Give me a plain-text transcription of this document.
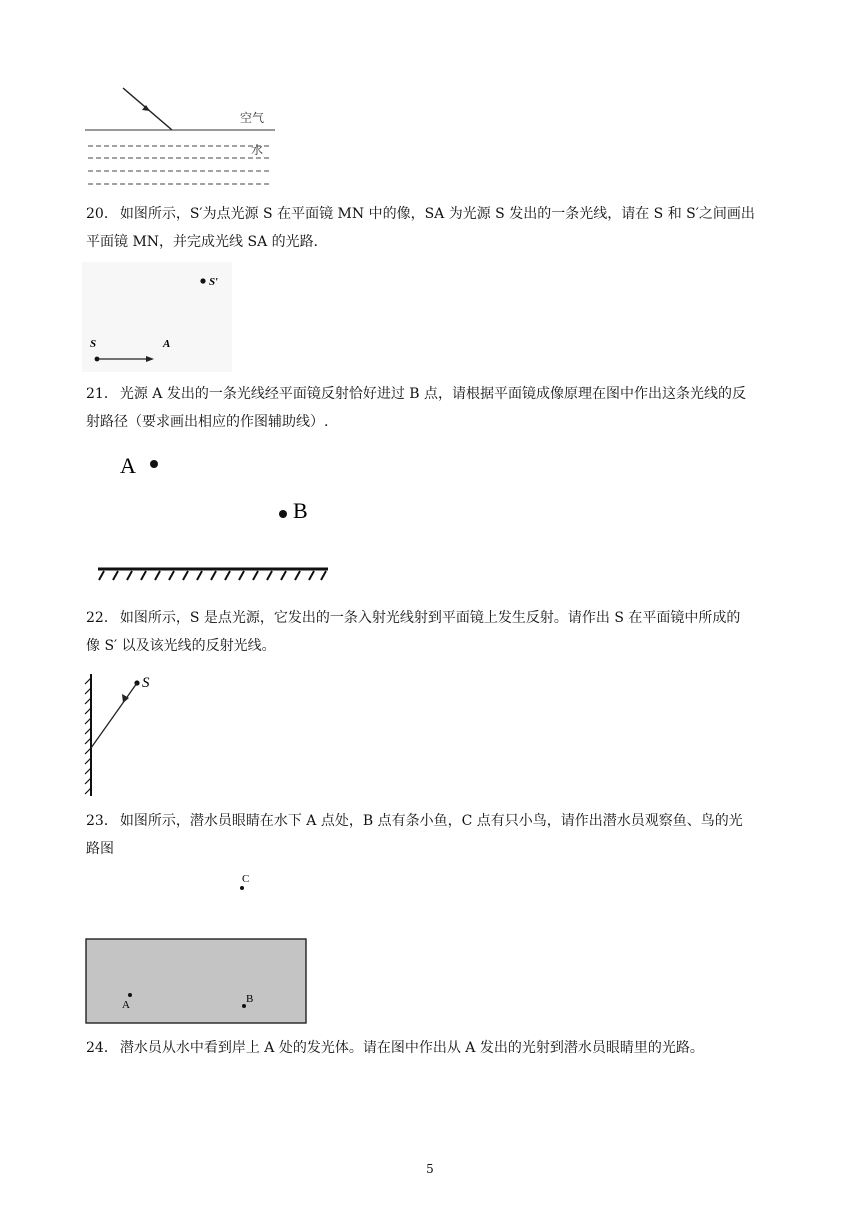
空气
水
20． 如图所示，S′为点光源 S 在平面镜 MN 中的像，SA 为光源 S 发出的一条光线，请在 S 和 S′之间画出
平面镜 MN，并完成光线 SA 的光路．
S′
S	A
21． 光源 A 发出的一条光线经平面镜反射恰好进过 B 点，请根据平面镜成像原理在图中作出这条光线的反
射路径（要求画出相应的作图辅助线）.
A
B
22． 如图所示，S 是点光源，它发出的一条入射光线射到平面镜上发生反射。请作出 S 在平面镜中所成的
像 S′ 以及该光线的反射光线。
S
23． 如图所示，潜水员眼睛在水下 A 点处，B 点有条小鱼，C 点有只小鸟，请作出潜水员观察鱼、鸟的光
路图
C
A	B
24． 潜水员从水中看到岸上 A 处的发光体。请在图中作出从 A 发出的光射到潜水员眼睛里的光路。
5
